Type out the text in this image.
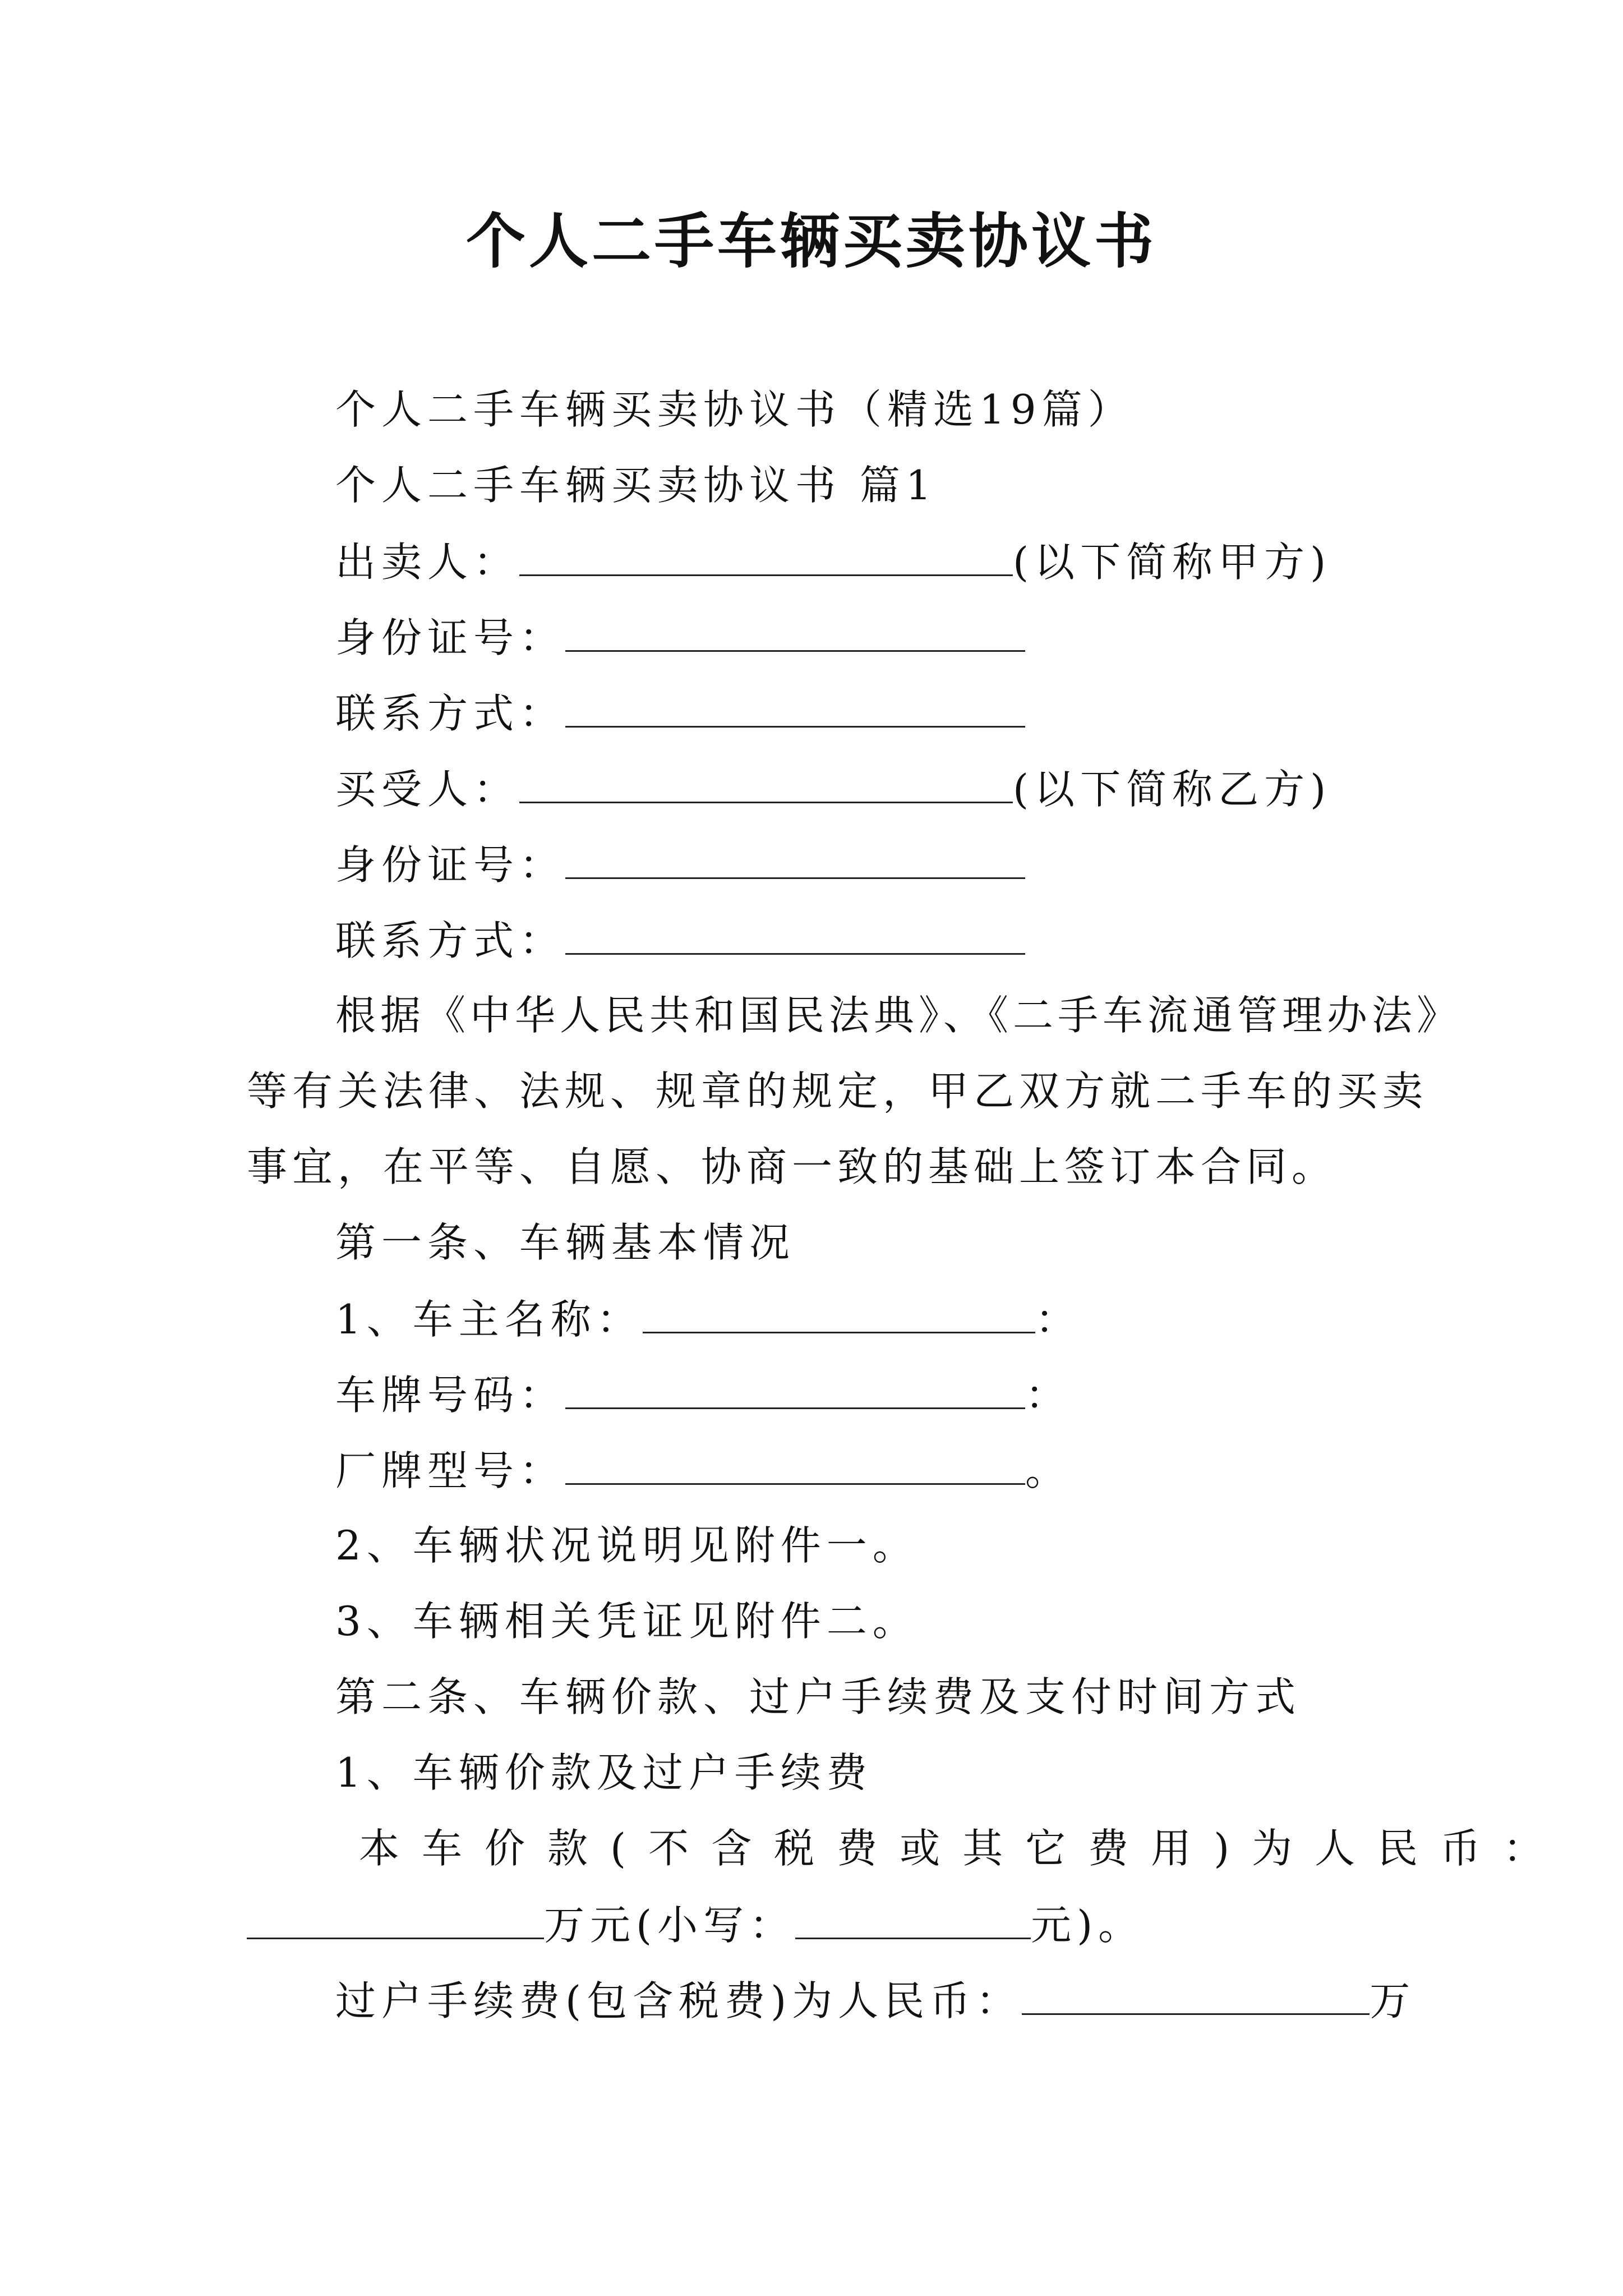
个人二手车辆买卖协议书
个人二手车辆买卖协议书（精选19篇）
个人二手车辆买卖协议书 篇1
出卖人：	(以下简称甲方)
身份证号：
联系方式：
买受人：	(以下简称乙方)
身份证号：
联系方式：
根据《中华人民共和国民法典》、《二手车流通管理办法》
等有关法律、法规、规章的规定，甲乙双方就二手车的买卖
事宜，在平等、自愿、协商一致的基础上签订本合同。
第一条、车辆基本情况
1、车主名称：	：
车牌号码：	：
厂牌型号：	。
2、车辆状况说明见附件一。
3、车辆相关凭证见附件二。
第二条、车辆价款、过户手续费及支付时间方式
1、车辆价款及过户手续费
本车价款(不含税费或其它费用)为人民币：
万元(小写：	元)。
过户手续费(包含税费)为人民币：	万
